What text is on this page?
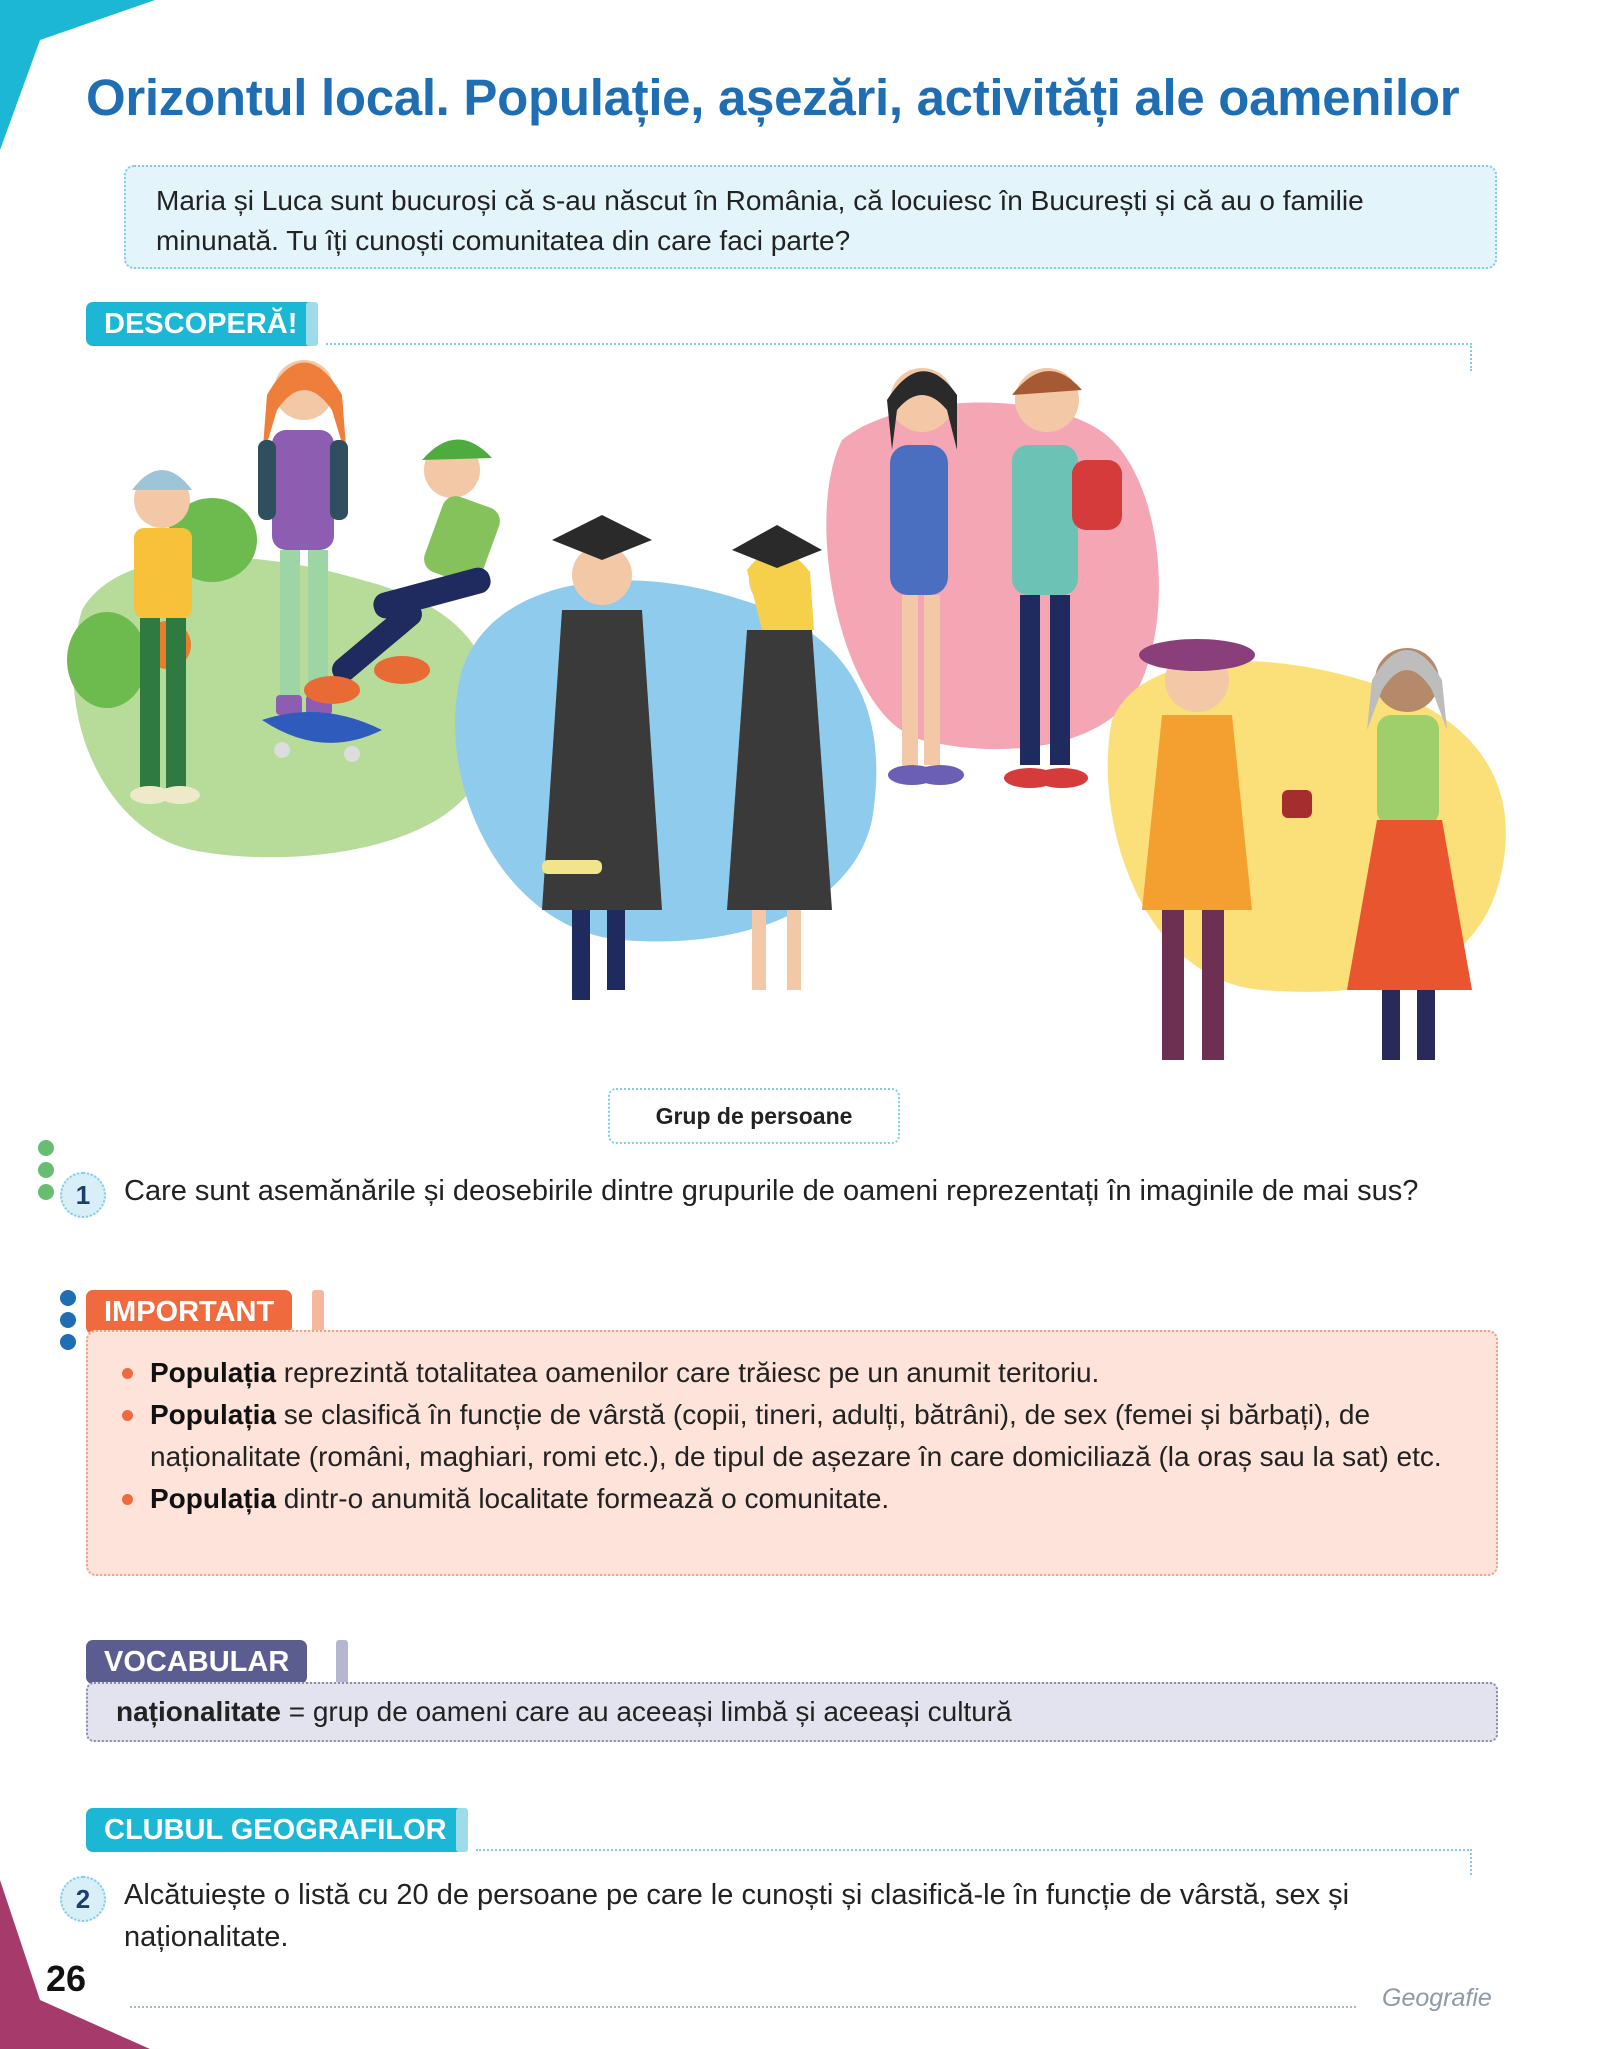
Orizontul local. Populație, așezări, activități ale oamenilor
Maria și Luca sunt bucuroși că s-au născut în România, că locuiesc în București și că au o familie minunată. Tu îți cunoști comunitatea din care faci parte?
DESCOPERĂ!
Grup de persoane
1	Care sunt asemănările și deosebirile dintre grupurile de oameni reprezentați în imaginile de mai sus?
IMPORTANT
Populația reprezintă totalitatea oamenilor care trăiesc pe un anumit teritoriu.
Populația se clasifică în funcție de vârstă (copii, tineri, adulți, bătrâni), de sex (femei și bărbați), de naționalitate (români, maghiari, romi etc.), de tipul de așezare în care domiciliază (la oraș sau la sat) etc.
Populația dintr-o anumită localitate formează o comunitate.
VOCABULAR
naționalitate = grup de oameni care au aceeași limbă și aceeași cultură
CLUBUL GEOGRAFILOR
2	Alcătuiește o listă cu 20 de persoane pe care le cunoști și clasifică-le în funcție de vârstă, sex și naționalitate.
26	Geografie
